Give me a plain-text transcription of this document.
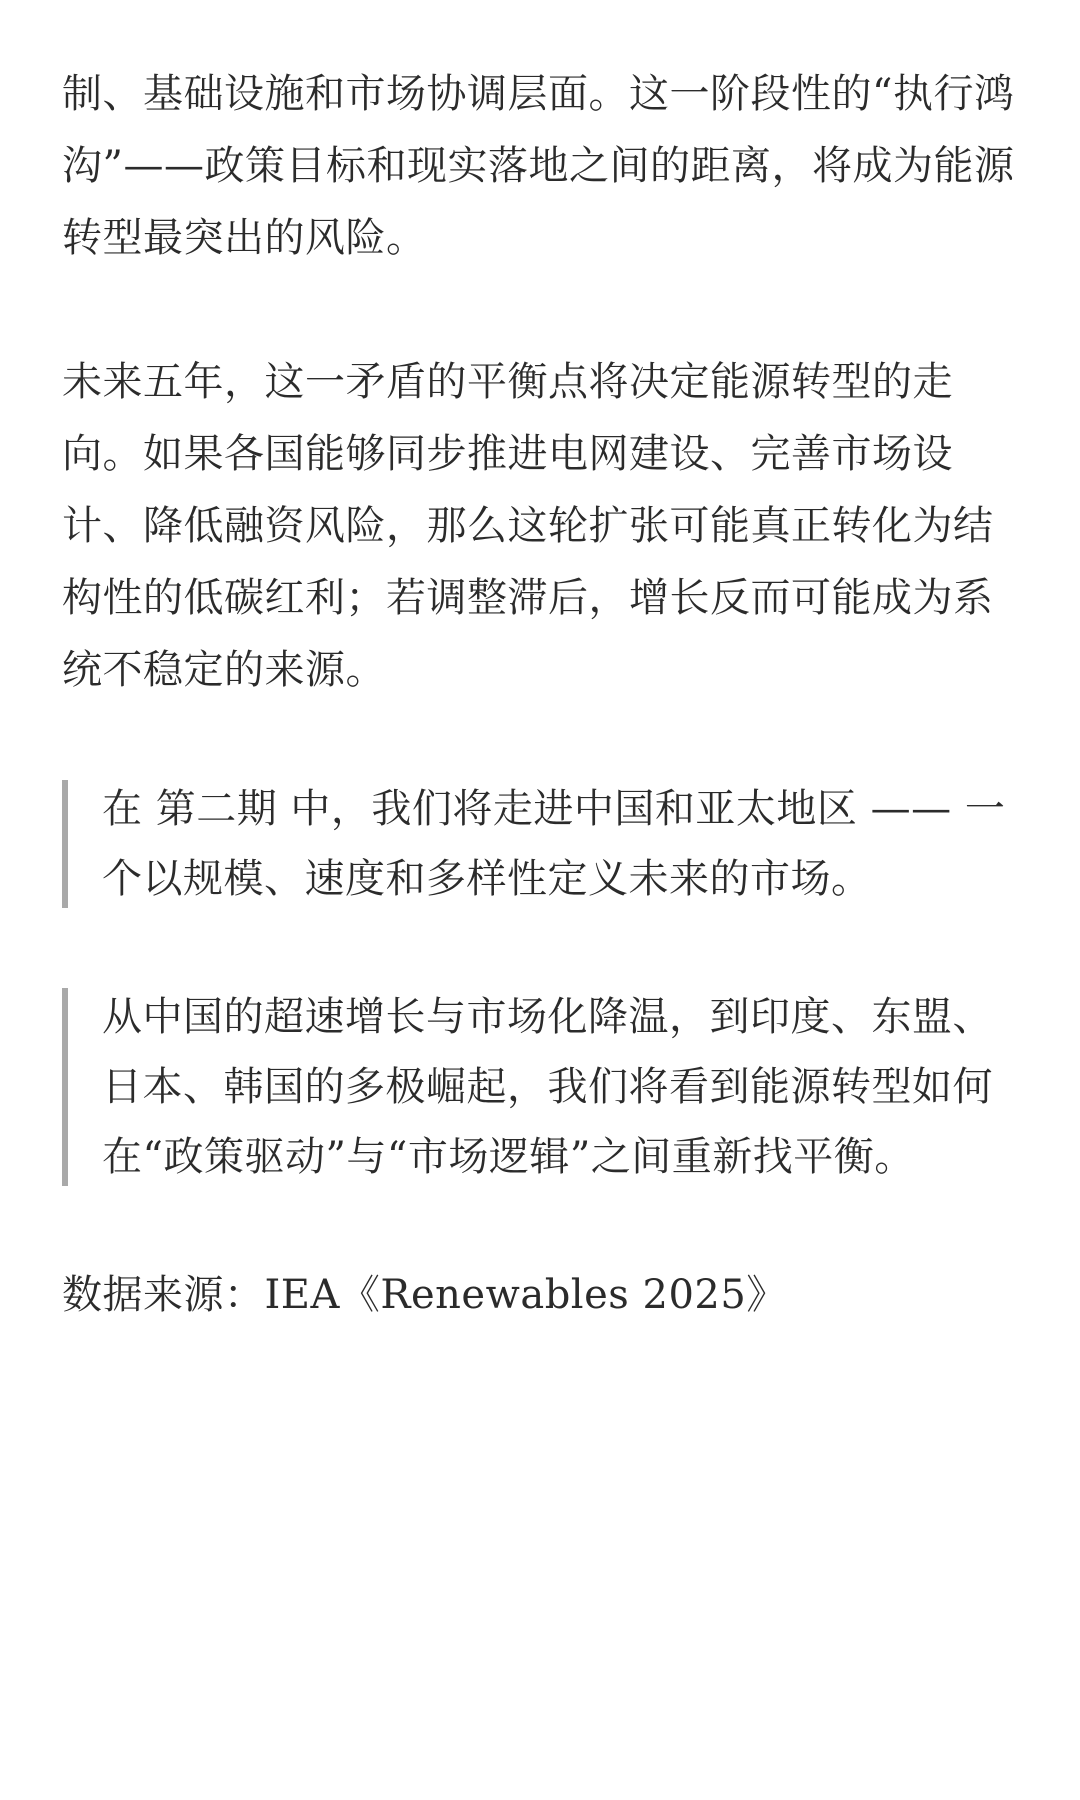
制、基础设施和市场协调层面。这一阶段性的“执行鸿沟”——政策目标和现实落地之间的距离，将成为能源转型最突出的风险。

未来五年，这一矛盾的平衡点将决定能源转型的走向。如果各国能够同步推进电网建设、完善市场设计、降低融资风险，那么这轮扩张可能真正转化为结构性的低碳红利；若调整滞后，增长反而可能成为系统不稳定的来源。

在 第二期 中，我们将走进中国和亚太地区 —— 一个以规模、速度和多样性定义未来的市场。
从中国的超速增长与市场化降温，到印度、东盟、日本、韩国的多极崛起，我们将看到能源转型如何在“政策驱动”与“市场逻辑”之间重新找平衡。
数据来源：IEA《Renewables 2025》
